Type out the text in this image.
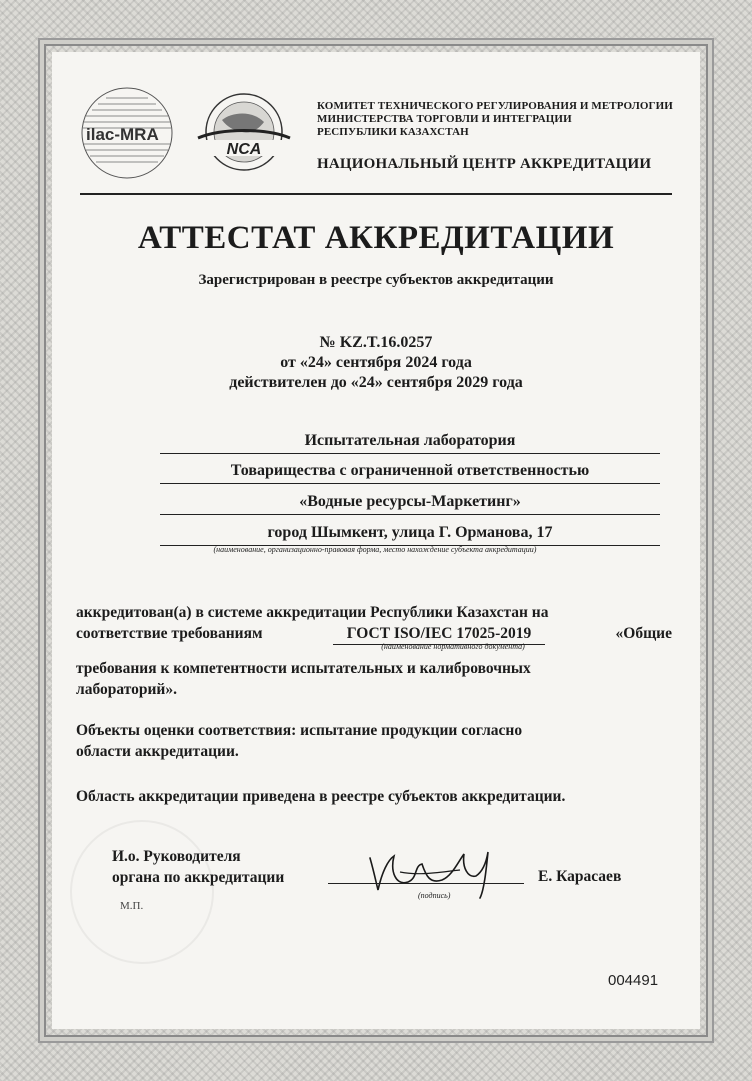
ilac-MRA
NCA
КОМИТЕТ ТЕХНИЧЕСКОГО РЕГУЛИРОВАНИЯ И МЕТРОЛОГИИ
МИНИСТЕРСТВА ТОРГОВЛИ И ИНТЕГРАЦИИ
РЕСПУБЛИКИ КАЗАХСТАН
НАЦИОНАЛЬНЫЙ ЦЕНТР АККРЕДИТАЦИИ
АТТЕСТАТ АККРЕДИТАЦИИ
Зарегистрирован в реестре субъектов аккредитации
№ KZ.T.16.0257
от «24» сентября 2024 года
действителен до «24» сентября 2029 года
Испытательная лаборатория
Товарищества с ограниченной ответственностью
«Водные ресурсы-Маркетинг»
город Шымкент, улица Г. Орманова, 17
(наименование, организационно-правовая форма, место нахождение субъекта аккредитации)
аккредитован(а) в системе аккредитации Республики Казахстан на
соответствие требованиям	ГОСТ ISO/IEC 17025-2019	«Общие
требования к компетентности испытательных и калибровочных
лабораторий».
(наименование нормативного документа)
Объекты оценки соответствия: испытание продукции согласно
области аккредитации.
Область аккредитации приведена в реестре субъектов аккредитации.
И.о. Руководителя
органа по аккредитации
(подпись)
Е. Карасаев
М.П.
004491
